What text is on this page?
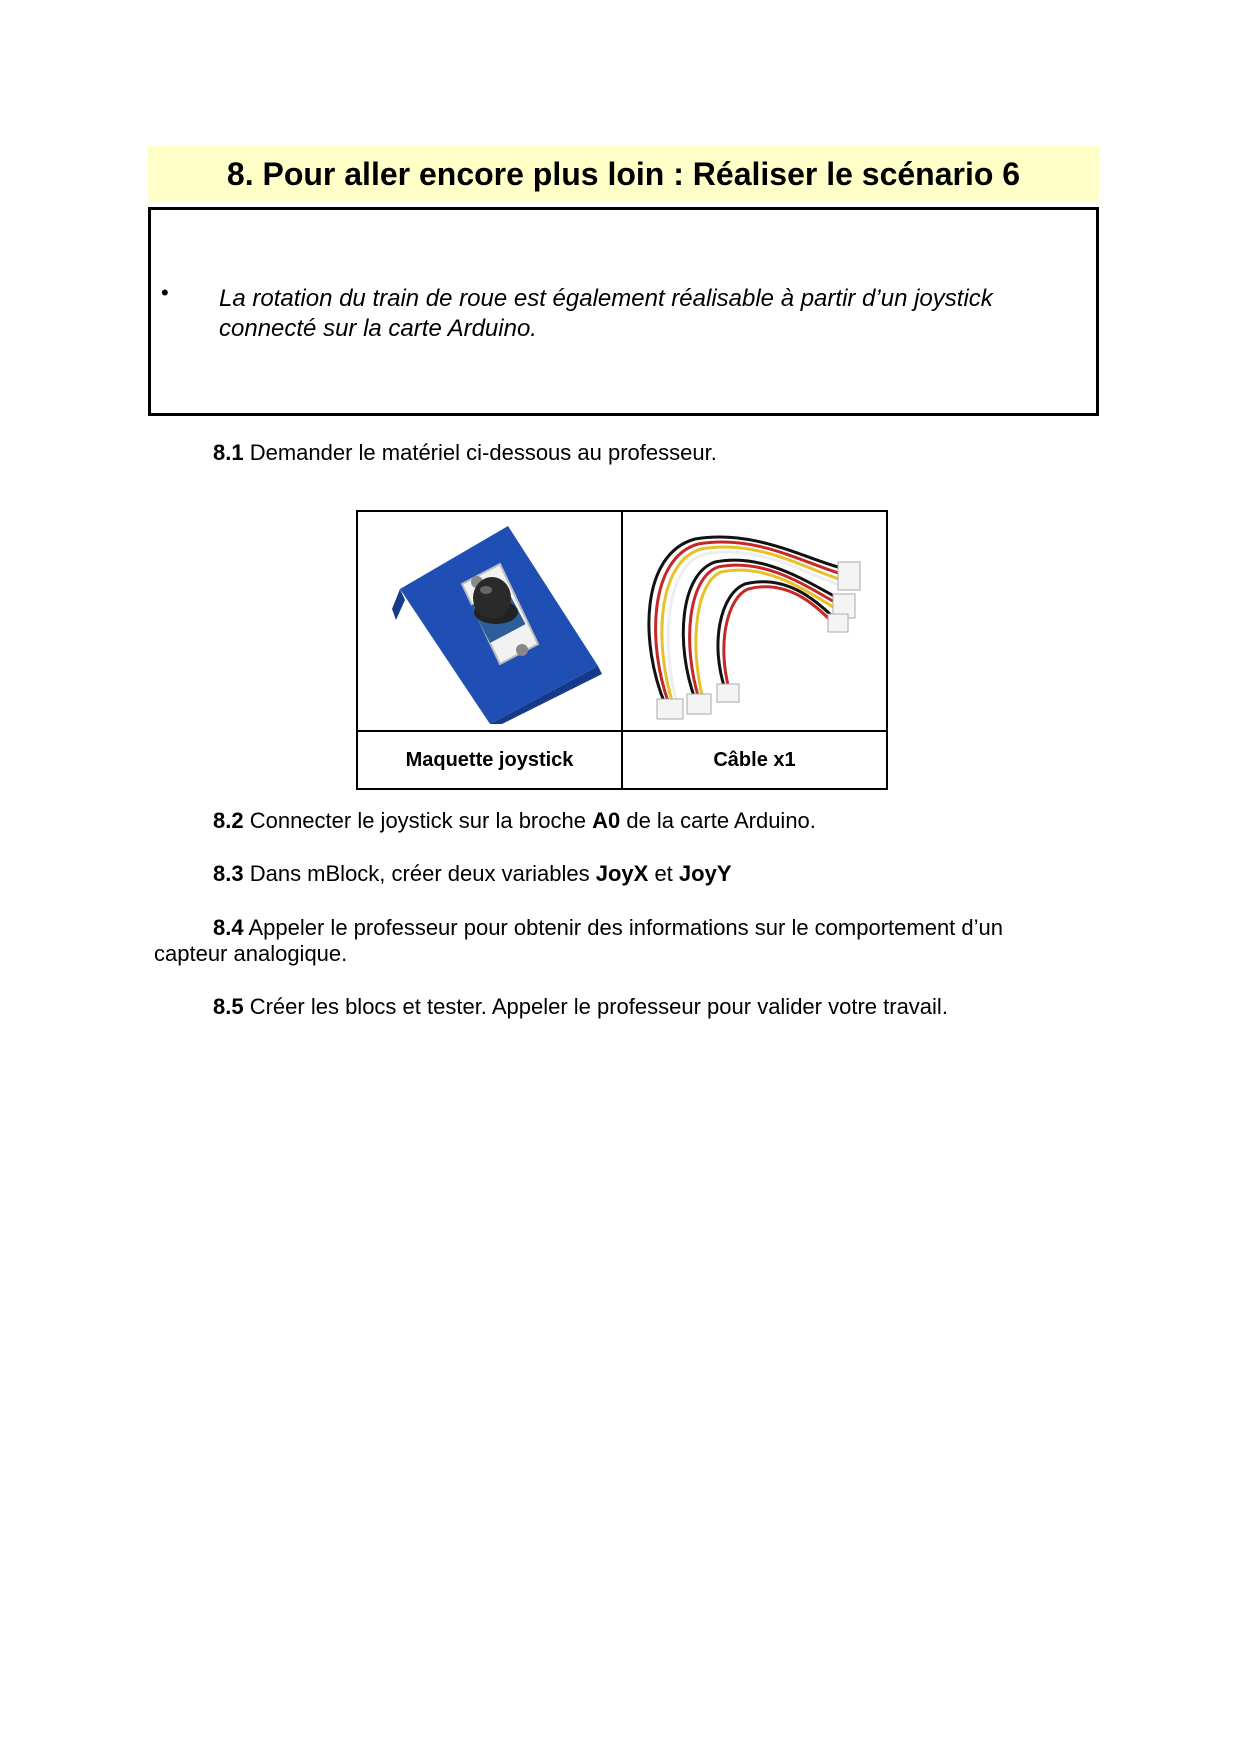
8. Pour aller encore plus loin : Réaliser le scénario 6
• La rotation du train de roue est également réalisable à partir d’un joystick connecté sur la carte Arduino.
8.1 Demander le matériel ci-dessous au professeur.

Maquette joystick	Câble x1
8.2 Connecter le joystick sur la broche A0 de la carte Arduino.
8.3 Dans mBlock, créer deux variables JoyX et JoyY
8.4 Appeler le professeur pour obtenir des informations sur le comportement d’un capteur analogique.
8.5 Créer les blocs et tester. Appeler le professeur pour valider votre travail.
